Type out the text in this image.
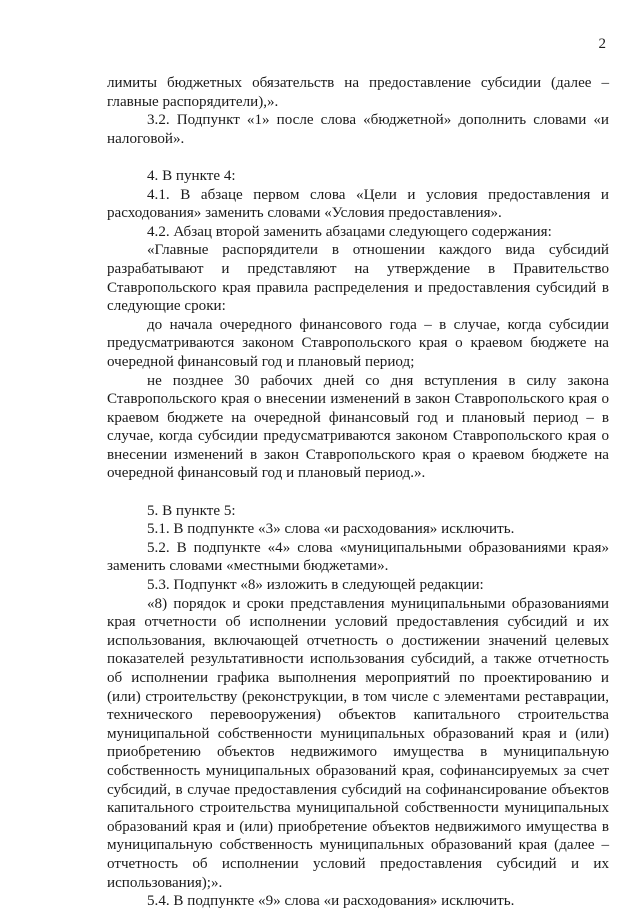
2

лимиты бюджетных обязательств на предоставление субсидии (далее – главные распорядители),».

3.2. Подпункт «1» после слова «бюджетной» дополнить словами «и налоговой».

4. В пункте 4:

4.1. В абзаце первом слова «Цели и условия предоставления и расходования» заменить словами «Условия предоставления».

4.2. Абзац второй заменить абзацами следующего содержания:

«Главные распорядители в отношении каждого вида субсидий разрабатывают и представляют на утверждение в Правительство Ставропольского края правила распределения и предоставления субсидий в следующие сроки:

до начала очередного финансового года – в случае, когда субсидии предусматриваются законом Ставропольского края о краевом бюджете на очередной финансовый год и плановый период;

не позднее 30 рабочих дней со дня вступления в силу закона Ставропольского края о внесении изменений в закон Ставропольского края о краевом бюджете на очередной финансовый год и плановый период – в случае, когда субсидии предусматриваются законом Ставропольского края о внесении изменений в закон Ставропольского края о краевом бюджете на очередной финансовый год и плановый период.».

5. В пункте 5:

5.1. В подпункте «3» слова «и расходования» исключить.

5.2. В подпункте «4» слова «муниципальными образованиями края» заменить словами «местными бюджетами».

5.3. Подпункт «8» изложить в следующей редакции:

«8) порядок и сроки представления муниципальными образованиями края отчетности об исполнении условий предоставления субсидий и их использования, включающей отчетность о достижении значений целевых показателей результативности использования субсидий, а также отчетность об исполнении графика выполнения мероприятий по проектированию и (или) строительству (реконструкции, в том числе с элементами реставрации, технического перевооружения) объектов капитального строительства муниципальной собственности муниципальных образований края и (или) приобретению объектов недвижимого имущества в муниципальную собственность муниципальных образований края, софинансируемых за счет субсидий, в случае предоставления субсидий на софинансирование объектов капитального строительства муниципальной собственности муниципальных образований края и (или) приобретение объектов недвижимого имущества в муниципальную собственность муниципальных образований края (далее – отчетность об исполнении условий предоставления субсидий и их использования);».

5.4. В подпункте «9» слова «и расходования» исключить.
